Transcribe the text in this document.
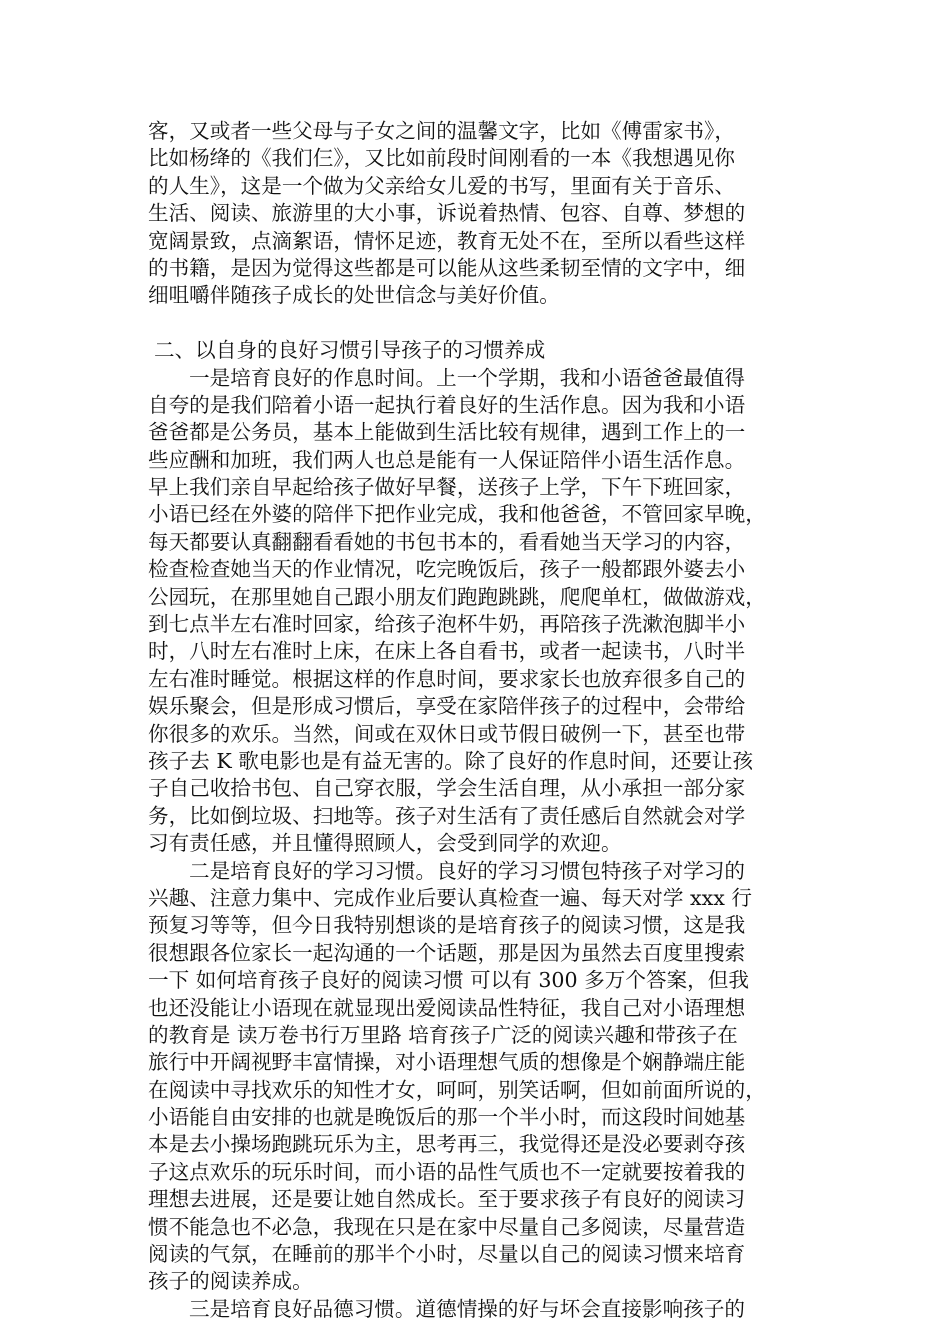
客，又或者一些父母与子女之间的温馨文字，比如《傅雷家书》，
比如杨绛的《我们仨》，又比如前段时间刚看的一本《我想遇见你
的人生》，这是一个做为父亲给女儿爱的书写，里面有关于音乐、
生活、阅读、旅游里的大小事，诉说着热情、包容、自尊、梦想的
宽阔景致，点滴絮语，情怀足迹，教育无处不在，至所以看些这样
的书籍，是因为觉得这些都是可以能从这些柔韧至情的文字中，细
细咀嚼伴随孩子成长的处世信念与美好价值。
二、以自身的良好习惯引导孩子的习惯养成
一是培育良好的作息时间。上一个学期，我和小语爸爸最值得
自夸的是我们陪着小语一起执行着良好的生活作息。因为我和小语
爸爸都是公务员，基本上能做到生活比较有规律，遇到工作上的一
些应酬和加班，我们两人也总是能有一人保证陪伴小语生活作息。
早上我们亲自早起给孩子做好早餐，送孩子上学，下午下班回家，
小语已经在外婆的陪伴下把作业完成，我和他爸爸，不管回家早晚，
每天都要认真翻翻看看她的书包书本的，看看她当天学习的内容，
检查检查她当天的作业情况，吃完晚饭后，孩子一般都跟外婆去小
公园玩，在那里她自己跟小朋友们跑跑跳跳，爬爬单杠，做做游戏，
到七点半左右准时回家，给孩子泡杯牛奶，再陪孩子洗漱泡脚半小
时，八时左右准时上床，在床上各自看书，或者一起读书，八时半
左右准时睡觉。根据这样的作息时间，要求家长也放弃很多自己的
娱乐聚会，但是形成习惯后，享受在家陪伴孩子的过程中，会带给
你很多的欢乐。当然，间或在双休日或节假日破例一下，甚至也带
孩子去 K 歌电影也是有益无害的。除了良好的作息时间，还要让孩
子自己收拾书包、自己穿衣服，学会生活自理，从小承担一部分家
务，比如倒垃圾、扫地等。孩子对生活有了责任感后自然就会对学
习有责任感，并且懂得照顾人，会受到同学的欢迎。
二是培育良好的学习习惯。良好的学习习惯包特孩子对学习的
兴趣、注意力集中、完成作业后要认真检查一遍、每天对学 xxx 行
预复习等等，但今日我特别想谈的是培育孩子的阅读习惯，这是我
很想跟各位家长一起沟通的一个话题，那是因为虽然去百度里搜索
一下 如何培育孩子良好的阅读习惯 可以有 300 多万个答案，但我
也还没能让小语现在就显现出爱阅读品性特征，我自己对小语理想
的教育是 读万卷书行万里路 培育孩子广泛的阅读兴趣和带孩子在
旅行中开阔视野丰富情操，对小语理想气质的想像是个娴静端庄能
在阅读中寻找欢乐的知性才女，呵呵，别笑话啊，但如前面所说的，
小语能自由安排的也就是晚饭后的那一个半小时，而这段时间她基
本是去小操场跑跳玩乐为主，思考再三，我觉得还是没必要剥夺孩
子这点欢乐的玩乐时间，而小语的品性气质也不一定就要按着我的
理想去进展，还是要让她自然成长。至于要求孩子有良好的阅读习
惯不能急也不必急，我现在只是在家中尽量自己多阅读，尽量营造
阅读的气氛，在睡前的那半个小时，尽量以自己的阅读习惯来培育
孩子的阅读养成。
三是培育良好品德习惯。道德情操的好与坏会直接影响孩子的
